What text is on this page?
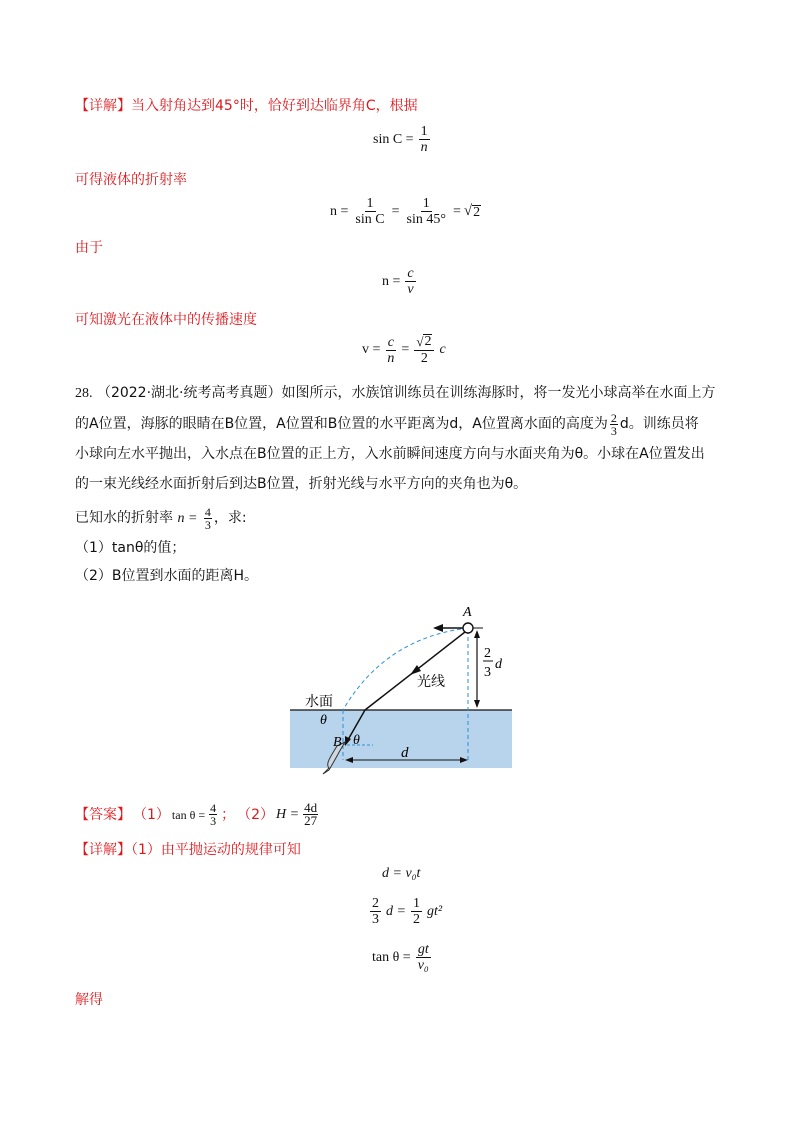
【详解】当入射角达到45°时，恰好到达临界角C，根据
$\sin C = \frac{1}{n}$
可得液体的折射率
$n = \frac{1}{\text{sin C}} = \frac{1}{\sin 45^\circ}$ = √ 2
由于
$n = \frac{c}{v}$
可知激光在液体中的传播速度
$v = \frac{c}{n} = \frac{√ 2}{2}$ c
28. （2022·湖北·统考高考真题）如图所示，水族馆训练员在训练海豚时，将一发光小球高举在水面上方
的A位置，海豚的眼睛在B位置，A位置和B位置的水平距离为d，A位置离水面的高度为 $\frac{2}{3}$ d。训练员将
小球向左水平抛出，入水点在B位置的正上方，入水前瞬间速度方向与水面夹角为θ。小球在A位置发出
的一束光线经水面折射后到达B位置，折射光线与水平方向的夹角也为θ。
已知水的折射率 $n = \frac{4}{3}$ ，求:
（1）tanθ的值；
（2）B位置到水面的距离H。
A
2
3
d
光线
水面
θ
θ
d
B
【答案】 （1） $\tan \theta = \frac{4}{3}$ ； （2） $H = \frac{4d}{27}$
【详解】（1）由平抛运动的规律可知
d = v₀t
$\frac{2}{3}$ $d = \frac{1}{2} gt^2$
$\tan \theta = \frac{gt}{\text{v₀}}$
解得
